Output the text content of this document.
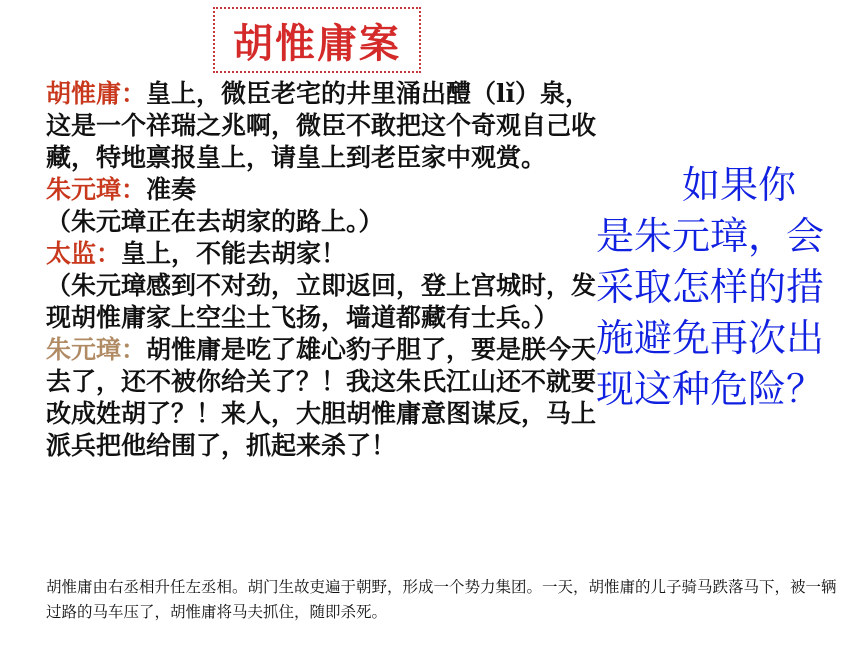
胡惟庸案

胡惟庸：皇上，微臣老宅的井里涌出醴（lǐ）泉，这是一个祥瑞之兆啊，微臣不敢把这个奇观自己收藏，特地禀报皇上，请皇上到老臣家中观赏。

朱元璋：准奏

（朱元璋正在去胡家的路上。）

太监：皇上，不能去胡家！

（朱元璋感到不对劲，立即返回，登上宫城时，发现胡惟庸家上空尘土飞扬，墙道都藏有士兵。）

朱元璋：胡惟庸是吃了雄心豹子胆了，要是朕今天去了，还不被你给关了？！我这朱氏江山还不就要改成姓胡了？！来人，大胆胡惟庸意图谋反，马上派兵把他给围了，抓起来杀了！

如果你是朱元璋，会采取怎样的措施避免再次出现这种危险？
胡惟庸由右丞相升任左丞相。胡门生故吏遍于朝野，形成一个势力集团。一天，胡惟庸的儿子骑马跌落马下，被一辆过路的马车压了，胡惟庸将马夫抓住，随即杀死。
